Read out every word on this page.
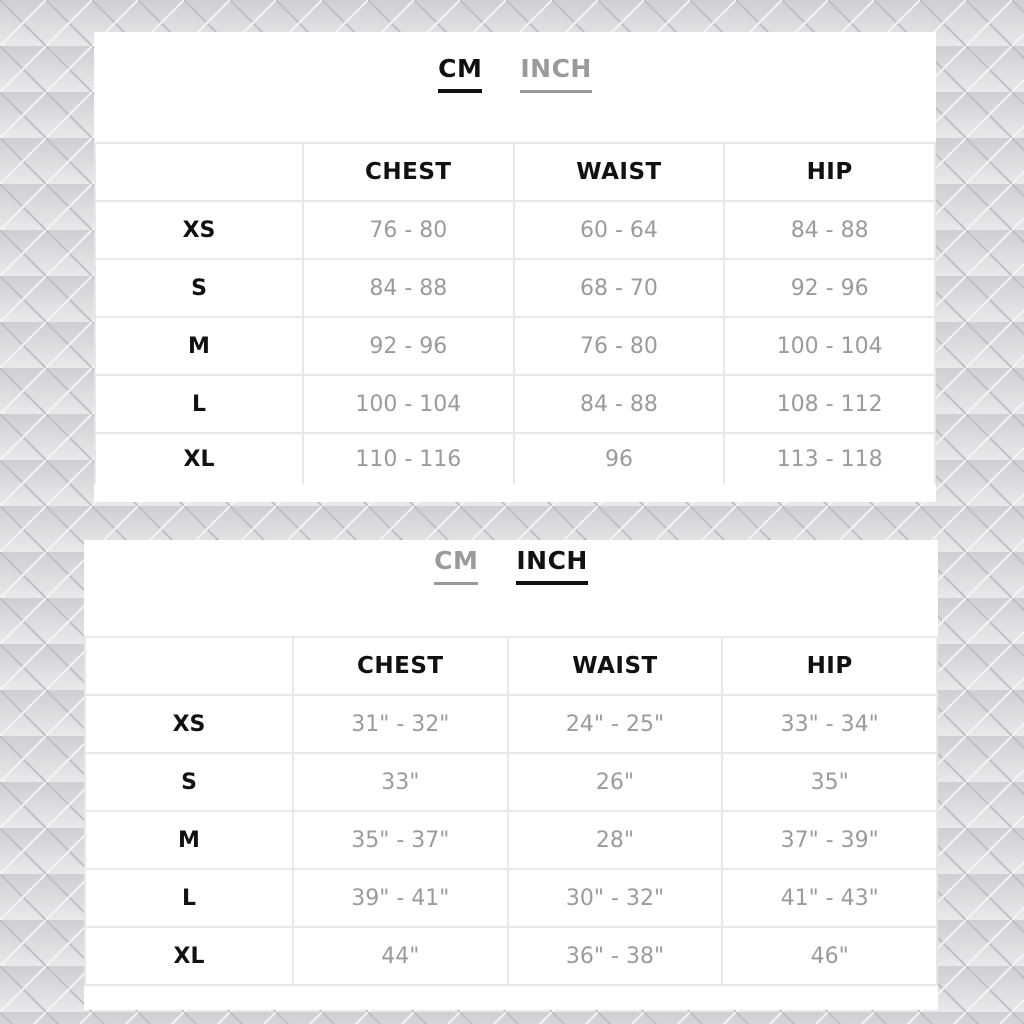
CM INCH
	CHEST	WAIST	HIP
XS	76 - 80	60 - 64	84 - 88
S	84 - 88	68 - 70	92 - 96
M	92 - 96	76 - 80	100 - 104
L	100 - 104	84 - 88	108 - 112
XL	110 - 116	96	113 - 118
CM INCH
	CHEST	WAIST	HIP
XS	31" - 32"	24" - 25"	33" - 34"
S	33"	26"	35"
M	35" - 37"	28"	37" - 39"
L	39" - 41"	30" - 32"	41" - 43"
XL	44"	36" - 38"	46"
